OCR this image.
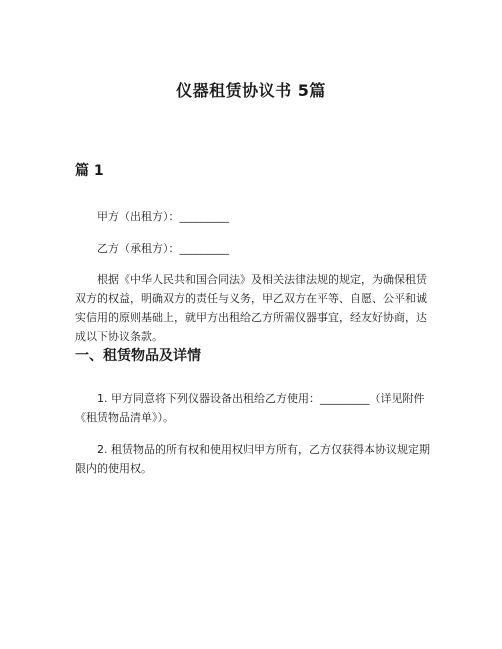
仪器租赁协议书 5篇
篇 1

甲方（出租方）：_________

乙方（承租方）：_________

根据《中华人民共和国合同法》及相关法律法规的规定，为确保租赁双方的权益，明确双方的责任与义务，甲乙双方在平等、自愿、公平和诚实信用的原则基础上，就甲方出租给乙方所需仪器事宜，经友好协商，达成以下协议条款。

一、租赁物品及详情

1. 甲方同意将下列仪器设备出租给乙方使用：_________（详见附件《租赁物品清单》）。

2. 租赁物品的所有权和使用权归甲方所有，乙方仅获得本协议规定期限内的使用权。
